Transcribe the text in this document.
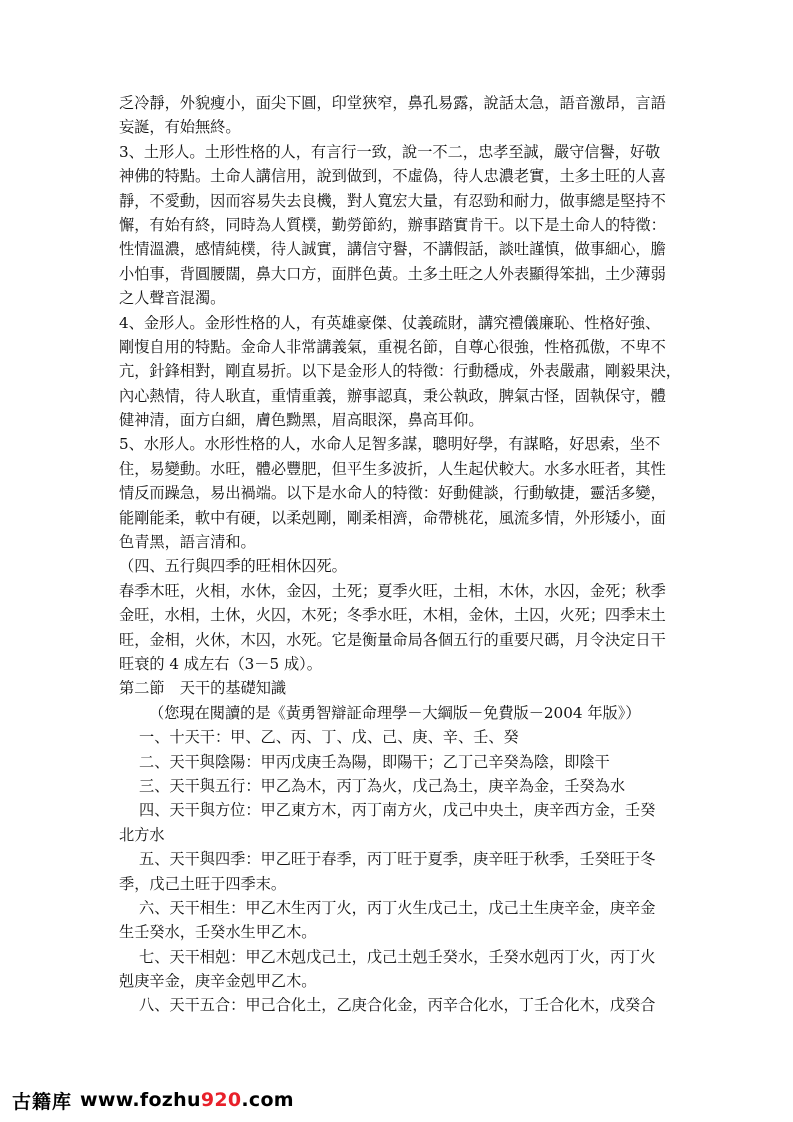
乏冷靜，外貌瘦小，面尖下圓，印堂狹窄，鼻孔易露，說話太急，語音激昂，言語
妄誕，有始無終。
3、土形人。土形性格的人，有言行一致，說一不二，忠孝至誠，嚴守信譽，好敬
神佛的特點。土命人講信用，說到做到，不虛偽，待人忠濃老實，土多土旺的人喜
靜，不愛動，因而容易失去良機，對人寬宏大量，有忍勁和耐力，做事總是堅持不
懈，有始有終，同時為人質樸，勤勞節約，辦事踏實肯干。以下是土命人的特徵：
性情溫濃，感情純樸，待人誠實，講信守譽，不講假話，談吐謹慎，做事細心，膽
小怕事，背圓腰闊，鼻大口方，面胖色黃。土多土旺之人外表顯得笨拙，土少薄弱
之人聲音混濁。
4、金形人。金形性格的人，有英雄豪傑、仗義疏財，講究禮儀廉恥、性格好強、
剛愎自用的特點。金命人非常講義氣，重視名節，自尊心很強，性格孤傲，不卑不
亢，針鋒相對，剛直易折。以下是金形人的特徵：行動穩成，外表嚴肅，剛毅果決，
內心熱情，待人耿直，重情重義，辦事認真，秉公執政，脾氣古怪，固執保守，體
健神清，面方白細，膚色黝黑，眉高眼深，鼻高耳仰。
5、水形人。水形性格的人，水命人足智多謀，聰明好學，有謀略，好思索，坐不
住，易變動。水旺，體必豐肥，但平生多波折，人生起伏較大。水多水旺者，其性
情反而躁急，易出禍端。以下是水命人的特徵：好動健談，行動敏捷，靈活多變，
能剛能柔，軟中有硬，以柔剋剛，剛柔相濟，命帶桃花，風流多情，外形矮小，面
色青黑，語言清和。
（四、五行與四季的旺相休囚死。
春季木旺，火相，水休，金囚，土死；夏季火旺，土相，木休，水囚，金死；秋季
金旺，水相，土休，火囚，木死；冬季水旺，木相，金休，土囚，火死；四季末土
旺，金相，火休，木囚，水死。它是衡量命局各個五行的重要尺碼，月令決定日干
旺衰的 4 成左右（3－5 成）。
第二節　天干的基礎知識
（您現在閱讀的是《黃勇智辯証命理學－大綱版－免費版－2004 年版》）
一、十天干：甲、乙、丙、丁、戊、己、庚、辛、壬、癸
二、天干與陰陽：甲丙戊庚壬為陽，即陽干；乙丁己辛癸為陰，即陰干
三、天干與五行：甲乙為木，丙丁為火，戊己為土，庚辛為金，壬癸為水
四、天干與方位：甲乙東方木，丙丁南方火，戊己中央土，庚辛西方金，壬癸
北方水
五、天干與四季：甲乙旺于春季，丙丁旺于夏季，庚辛旺于秋季，壬癸旺于冬
季，戊己土旺于四季末。
六、天干相生：甲乙木生丙丁火，丙丁火生戊己土，戊己土生庚辛金，庚辛金
生壬癸水，壬癸水生甲乙木。
七、天干相剋：甲乙木剋戊己土，戊己土剋壬癸水，壬癸水剋丙丁火，丙丁火
剋庚辛金，庚辛金剋甲乙木。
八、天干五合：甲己合化土，乙庚合化金，丙辛合化水，丁壬合化木，戊癸合
古籍库 www.fozhu920.com
